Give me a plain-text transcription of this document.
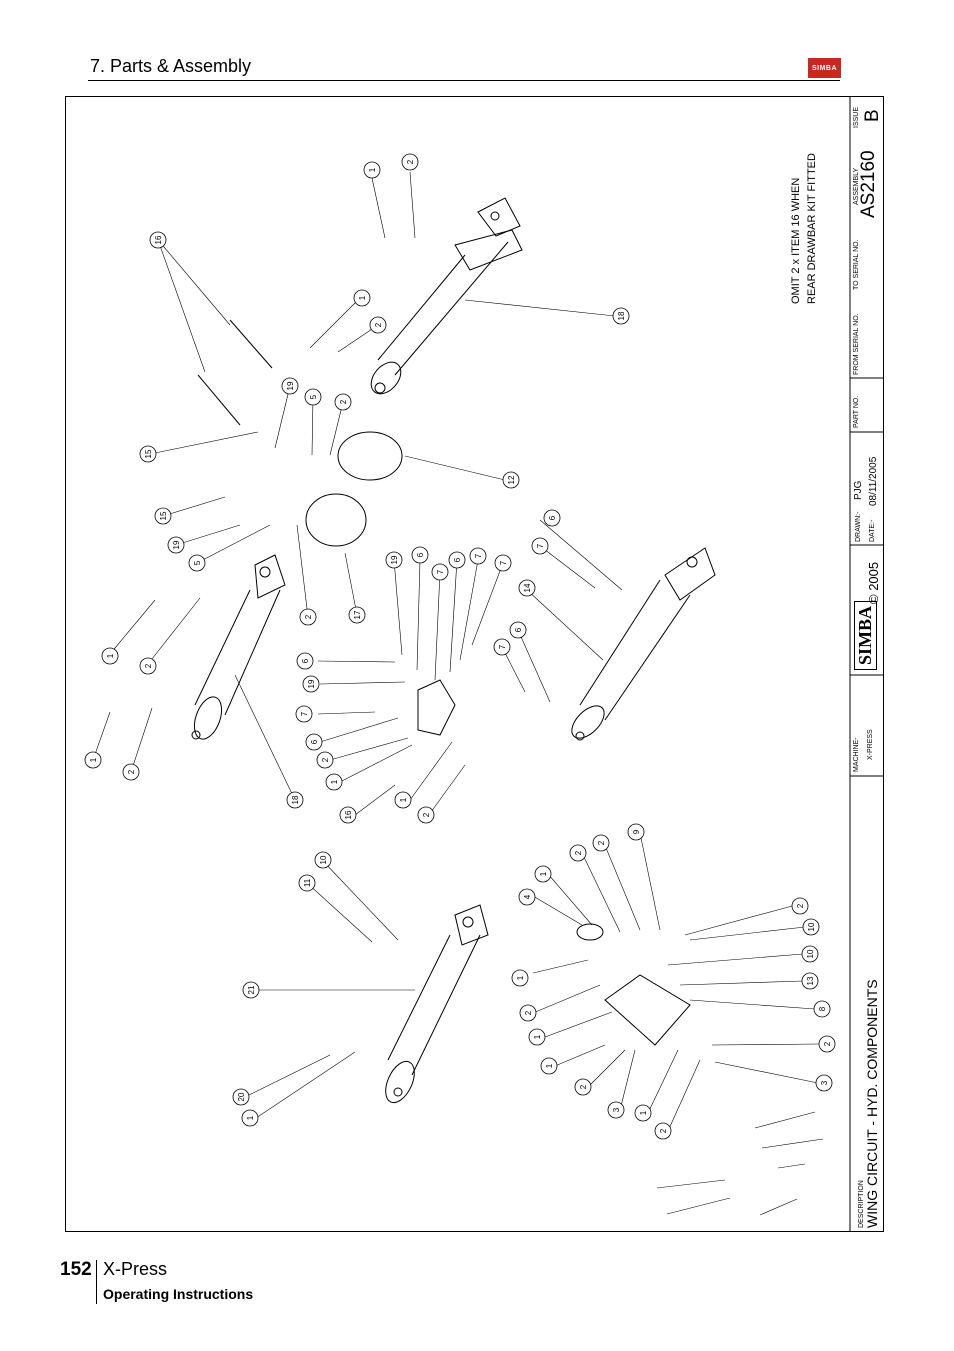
7. Parts & Assembly	SIMBA
1
2
16
1
2
18
19
5
2
15
12
15
19
5
2	17
1
2
1
2
18
6
7
14
7
6
19
6
7
6
7
7
6
19
7
6
2
1
16
1
2
10
11
21
20
1
4
1
2
2
9
2
10
10
13
8
2
1
2
1
1
2
3
1
2
3
OMIT 2 x ITEM 16 WHEN REAR DRAWBAR KIT FITTED
DESCRIPTION WING CIRCUIT - HYD. COMPONENTS
MACHINE- X-PRESS
SIMBA
© 2005
DRAWN:-
PJG
DATE:-
08/11/2005
PART NO.
FROM SERIAL NO.
TO SERIAL NO.
ASSEMBLY
AS2160
ISSUE B
152 X-Press
Operating Instructions
